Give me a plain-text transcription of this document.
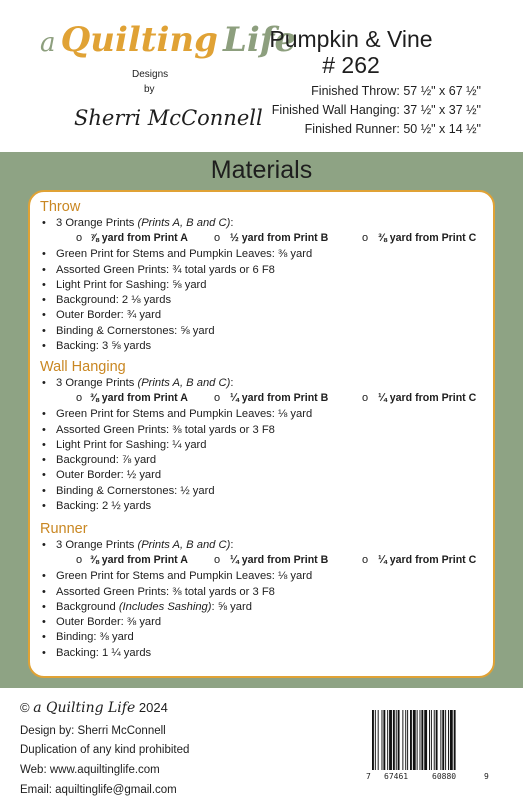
a Quilting Life
Designs
by
Sherri McConnell
Pumpkin & Vine
# 262
Finished Throw: 57 ½" x 67 ½"
Finished Wall Hanging: 37 ½" x 37 ½"
Finished Runner: 50 ½" x 14 ½"
Materials
Throw
• 3 Orange Prints (Prints A, B and C):
o ⅞ yard from Print A o ½ yard from Print B	o ⅜ yard from Print C
• Green Print for Stems and Pumpkin Leaves: ⅜ yard
• Assorted Green Prints: ¾ total yards or 6 F8
• Light Print for Sashing: ⅝ yard
• Background: 2 ⅛ yards
• Outer Border: ¾ yard
• Binding & Cornerstones: ⅝ yard
• Backing: 3 ⅝ yards
Wall Hanging
• 3 Orange Prints (Prints A, B and C):
o ⅜ yard from Print A o ¼ yard from Print B	o ¼ yard from Print C
• Green Print for Stems and Pumpkin Leaves: ⅛ yard
• Assorted Green Prints: ⅜ total yards or 3 F8
• Light Print for Sashing: ¼ yard
• Background: ⅞ yard
• Outer Border: ½ yard
• Binding & Cornerstones: ½ yard
• Backing: 2 ½ yards
Runner
• 3 Orange Prints (Prints A, B and C):
o ⅜ yard from Print A o ¼ yard from Print B	o ¼ yard from Print C
• Green Print for Stems and Pumpkin Leaves: ⅛ yard
• Assorted Green Prints: ⅜ total yards or 3 F8
• Background (Includes Sashing): ⅝ yard
• Outer Border: ⅜ yard
• Binding: ⅜ yard
• Backing: 1 ¼ yards
© a Quilting Life 2024
Design by: Sherri McConnell
Duplication of any kind prohibited
Web: www.aquiltinglife.com
Email: aquiltinglife@gmail.com
7 67461	60880	9
